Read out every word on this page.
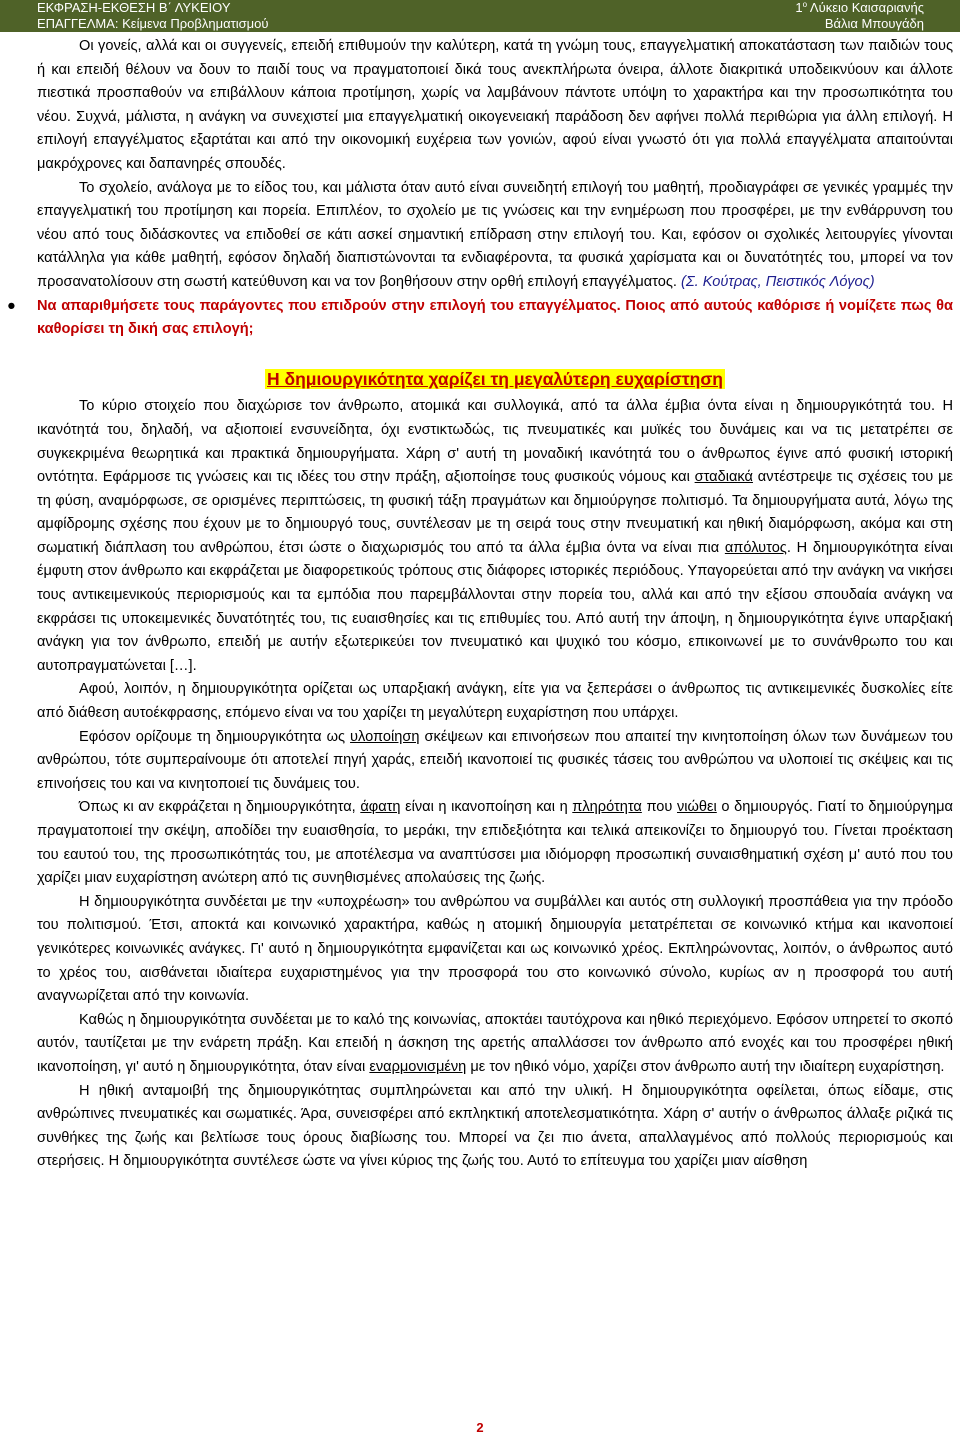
ΕΚΦΡΑΣΗ-ΕΚΘΕΣΗ Β΄ ΛΥΚΕΙΟΥ
ΕΠΑΓΓΕΛΜΑ: Κείμενα Προβληματισμού
$1^o$ Λύκειο Καισαριανής
Βάλια Μπουγάδη

Οι γονείς, αλλά και οι συγγενείς, επειδή επιθυμούν την καλύτερη, κατά τη γνώμη τους, επαγγελματική αποκατάσταση των παιδιών τους ή και επειδή θέλουν να δουν το παιδί τους να πραγματοποιεί δικά τους ανεκπλήρωτα όνειρα, άλλοτε διακριτικά υποδεικνύουν και άλλοτε πιεστικά προσπαθούν να επιβάλλουν κάποια προτίμηση, χωρίς να λαμβάνουν πάντοτε υπόψη το χαρακτήρα και την προσωπικότητα του νέου. Συχνά, μάλιστα, η ανάγκη να συνεχιστεί μια επαγγελματική οικογενειακή παράδοση δεν αφήνει πολλά περιθώρια για άλλη επιλογή. Η επιλογή επαγγέλματος εξαρτάται και από την οικονομική ευχέρεια των γονιών, αφού είναι γνωστό ότι για πολλά επαγγέλματα απαιτούνται μακρόχρονες και δαπανηρές σπουδές.

Το σχολείο, ανάλογα με το είδος του, και μάλιστα όταν αυτό είναι συνειδητή επιλογή του μαθητή, προδιαγράφει σε γενικές γραμμές την επαγγελματική του προτίμηση και πορεία. Επιπλέον, το σχολείο με τις γνώσεις και την ενημέρωση που προσφέρει, με την ενθάρρυνση του νέου από τους διδάσκοντες να επιδοθεί σε κάτι ασκεί σημαντική επίδραση στην επιλογή του. Και, εφόσον οι σχολικές λειτουργίες γίνονται κατάλληλα για κάθε μαθητή, εφόσον δηλαδή διαπιστώνονται τα ενδιαφέροντα, τα φυσικά χαρίσματα και οι δυνατότητές του, μπορεί να τον προσανατολίσουν στη σωστή κατεύθυνση και να τον βοηθήσουν στην ορθή επιλογή επαγγέλματος. (Σ. Κούτρας, Πειστικός Λόγος)

● Να απαριθμήσετε τους παράγοντες που επιδρούν στην επιλογή του επαγγέλματος. Ποιος από αυτούς καθόρισε ή νομίζετε πως θα καθορίσει τη δική σας επιλογή;

Η δημιουργικότητα χαρίζει τη μεγαλύτερη ευχαρίστηση

Το κύριο στοιχείο που διαχώρισε τον άνθρωπο, ατομικά και συλλογικά, από τα άλλα έμβια όντα είναι η δημιουργικότητά του. Η ικανότητά του, δηλαδή, να αξιοποιεί ενσυνείδητα, όχι ενστικτωδώς, τις πνευματικές και μυϊκές του δυνάμεις και να τις μετατρέπει σε συγκεκριμένα θεωρητικά και πρακτικά δημιουργήματα. Χάρη σ' αυτή τη μοναδική ικανότητά του ο άνθρωπος έγινε από φυσική ιστορική οντότητα. Εφάρμοσε τις γνώσεις και τις ιδέες του στην πράξη, αξιοποίησε τους φυσικούς νόμους και σταδιακά αντέστρεψε τις σχέσεις του με τη φύση, αναμόρφωσε, σε ορισμένες περιπτώσεις, τη φυσική τάξη πραγμάτων και δημιούργησε πολιτισμό. Τα δημιουργήματα αυτά, λόγω της αμφίδρομης σχέσης που έχουν με το δημιουργό τους, συντέλεσαν με τη σειρά τους στην πνευματική και ηθική διαμόρφωση, ακόμα και στη σωματική διάπλαση του ανθρώπου, έτσι ώστε ο διαχωρισμός του από τα άλλα έμβια όντα να είναι πια απόλυτος. Η δημιουργικότητα είναι έμφυτη στον άνθρωπο και εκφράζεται με διαφορετικούς τρόπους στις διάφορες ιστορικές περιόδους. Υπαγορεύεται από την ανάγκη να νικήσει τους αντικειμενικούς περιορισμούς και τα εμπόδια που παρεμβάλλονται στην πορεία του, αλλά και από την εξίσου σπουδαία ανάγκη να εκφράσει τις υποκειμενικές δυνατότητές του, τις ευαισθησίες και τις επιθυμίες του. Από αυτή την άποψη, η δημιουργικότητα έγινε υπαρξιακή ανάγκη για τον άνθρωπο, επειδή με αυτήν εξωτερικεύει τον πνευματικό και ψυχικό του κόσμο, επικοινωνεί με το συνάνθρωπο του και αυτοπραγματώνεται […].

Αφού, λοιπόν, η δημιουργικότητα ορίζεται ως υπαρξιακή ανάγκη, είτε για να ξεπεράσει ο άνθρωπος τις αντικειμενικές δυσκολίες είτε από διάθεση αυτοέκφρασης, επόμενο είναι να του χαρίζει τη μεγαλύτερη ευχαρίστηση που υπάρχει.

Εφόσον ορίζουμε τη δημιουργικότητα ως υλοποίηση σκέψεων και επινοήσεων που απαιτεί την κινητοποίηση όλων των δυνάμεων του ανθρώπου, τότε συμπεραίνουμε ότι αποτελεί πηγή χαράς, επειδή ικανοποιεί τις φυσικές τάσεις του ανθρώπου να υλοποιεί τις σκέψεις και τις επινοήσεις του και να κινητοποιεί τις δυνάμεις του.

Όπως κι αν εκφράζεται η δημιουργικότητα, άφατη είναι η ικανοποίηση και η πληρότητα που νιώθει ο δημιουργός. Γιατί το δημιούργημα πραγματοποιεί την σκέψη, αποδίδει την ευαισθησία, το μεράκι, την επιδεξιότητα και τελικά απεικονίζει το δημιουργό του. Γίνεται προέκταση του εαυτού του, της προσωπικότητάς του, με αποτέλεσμα να αναπτύσσει μια ιδιόμορφη προσωπική συναισθηματική σχέση μ' αυτό που του χαρίζει μιαν ευχαρίστηση ανώτερη από τις συνηθισμένες απολαύσεις της ζωής.

Η δημιουργικότητα συνδέεται με την «υποχρέωση» του ανθρώπου να συμβάλλει και αυτός στη συλλογική προσπάθεια για την πρόοδο του πολιτισμού. Έτσι, αποκτά και κοινωνικό χαρακτήρα, καθώς η ατομική δημιουργία μετατρέπεται σε κοινωνικό κτήμα και ικανοποιεί γενικότερες κοινωνικές ανάγκες. Γι' αυτό η δημιουργικότητα εμφανίζεται και ως κοινωνικό χρέος. Εκπληρώνοντας, λοιπόν, ο άνθρωπος αυτό το χρέος του, αισθάνεται ιδιαίτερα ευχαριστημένος για την προσφορά του στο κοινωνικό σύνολο, κυρίως αν η προσφορά του αυτή αναγνωρίζεται από την κοινωνία.

Καθώς η δημιουργικότητα συνδέεται με το καλό της κοινωνίας, αποκτάει ταυτόχρονα και ηθικό περιεχόμενο. Εφόσον υπηρετεί το σκοπό αυτόν, ταυτίζεται με την ενάρετη πράξη. Και επειδή η άσκηση της αρετής απαλλάσσει τον άνθρωπο από ενοχές και του προσφέρει ηθική ικανοποίηση, γι' αυτό η δημιουργικότητα, όταν είναι εναρμονισμένη με τον ηθικό νόμο, χαρίζει στον άνθρωπο αυτή την ιδιαίτερη ευχαρίστηση.

Η ηθική ανταμοιβή της δημιουργικότητας συμπληρώνεται και από την υλική. Η δημιουργικότητα οφείλεται, όπως είδαμε, στις ανθρώπινες πνευματικές και σωματικές. Άρα, συνεισφέρει από εκπληκτική αποτελεσματικότητα. Χάρη σ' αυτήν ο άνθρωπος άλλαξε ριζικά τις συνθήκες της ζωής και βελτίωσε τους όρους διαβίωσης του. Μπορεί να ζει πιο άνετα, απαλλαγμένος από πολλούς περιορισμούς και στερήσεις. Η δημιουργικότητα συντέλεσε ώστε να γίνει κύριος της ζωής του. Αυτό το επίτευγμα του χαρίζει μιαν αίσθηση

2
